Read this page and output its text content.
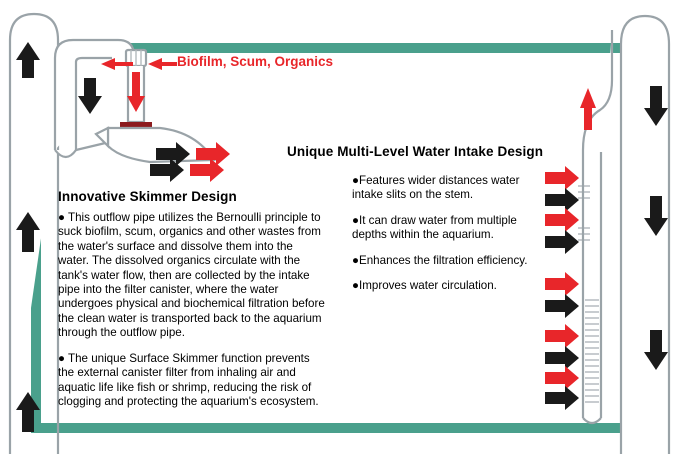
Biofilm, Scum, Organics
Unique Multi-Level Water Intake Design
Innovative Skimmer Design
● This outflow pipe utilizes the Bernoulli principle to suck biofilm, scum, organics and other wastes from the water's surface and dissolve them into the water. The dissolved organics circulate with the tank's water flow, then are collected by the intake pipe into the filter canister, where the water undergoes physical and biochemical filtration before the clean water is transported back to the aquarium through the outflow pipe.
● The unique Surface Skimmer function prevents the external canister filter from inhaling air and aquatic life like fish or shrimp, reducing the risk of clogging and protecting the aquarium's ecosystem.
●Features wider distances water intake slits on the stem.
●It can draw water from multiple depths within the aquarium.
●Enhances the filtration efficiency.
●Improves water circulation.
